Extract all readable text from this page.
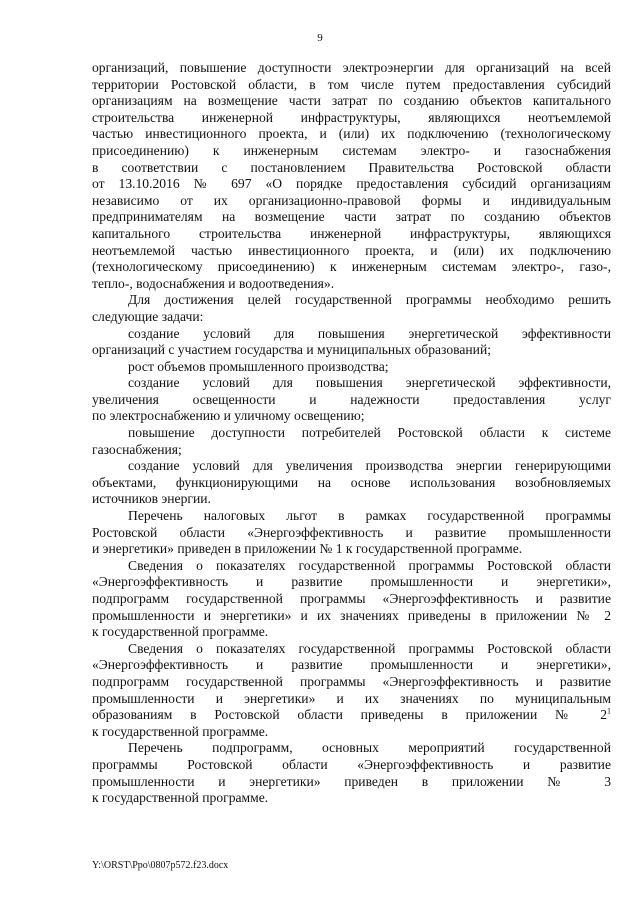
9
организаций, повышение доступности электроэнергии для организаций на всей
территории Ростовской области, в том числе путем предоставления субсидий
организациям на возмещение части затрат по созданию объектов капитального
строительства инженерной инфраструктуры, являющихся неотъемлемой
частью инвестиционного проекта, и (или) их подключению (технологическому
присоединению) к инженерным системам электро- и газоснабжения
в соответствии с постановлением Правительства Ростовской области
от 13.10.2016 № 697 «О порядке предоставления субсидий организациям
независимо от их организационно-правовой формы и индивидуальным
предпринимателям на возмещение части затрат по созданию объектов
капитального строительства инженерной инфраструктуры, являющихся
неотъемлемой частью инвестиционного проекта, и (или) их подключению
(технологическому присоединению) к инженерным системам электро-, газо-,
тепло-, водоснабжения и водоотведения».
Для достижения целей государственной программы необходимо решить
следующие задачи:
создание условий для повышения энергетической эффективности
организаций с участием государства и муниципальных образований;
рост объемов промышленного производства;
создание условий для повышения энергетической эффективности,
увеличения освещенности и надежности предоставления услуг
по электроснабжению и уличному освещению;
повышение доступности потребителей Ростовской области к системе
газоснабжения;
создание условий для увеличения производства энергии генерирующими
объектами, функционирующими на основе использования возобновляемых
источников энергии.
Перечень налоговых льгот в рамках государственной программы
Ростовской области «Энергоэффективность и развитие промышленности
и энергетики» приведен в приложении № 1 к государственной программе.
Сведения о показателях государственной программы Ростовской области
«Энергоэффективность и развитие промышленности и энергетики»,
подпрограмм государственной программы «Энергоэффективность и развитие
промышленности и энергетики» и их значениях приведены в приложении № 2
к государственной программе.
Сведения о показателях государственной программы Ростовской области
«Энергоэффективность и развитие промышленности и энергетики»,
подпрограмм государственной программы «Энергоэффективность и развитие
промышленности и энергетики» и их значениях по муниципальным
образованиям в Ростовской области приведены в приложении № $2^1$
к государственной программе.
Перечень подпрограмм, основных мероприятий государственной
программы Ростовской области «Энергоэффективность и развитие
промышленности и энергетики» приведен в приложении № 3
к государственной программе.
Y:\ORST\Ppo\0807p572.f23.docx
